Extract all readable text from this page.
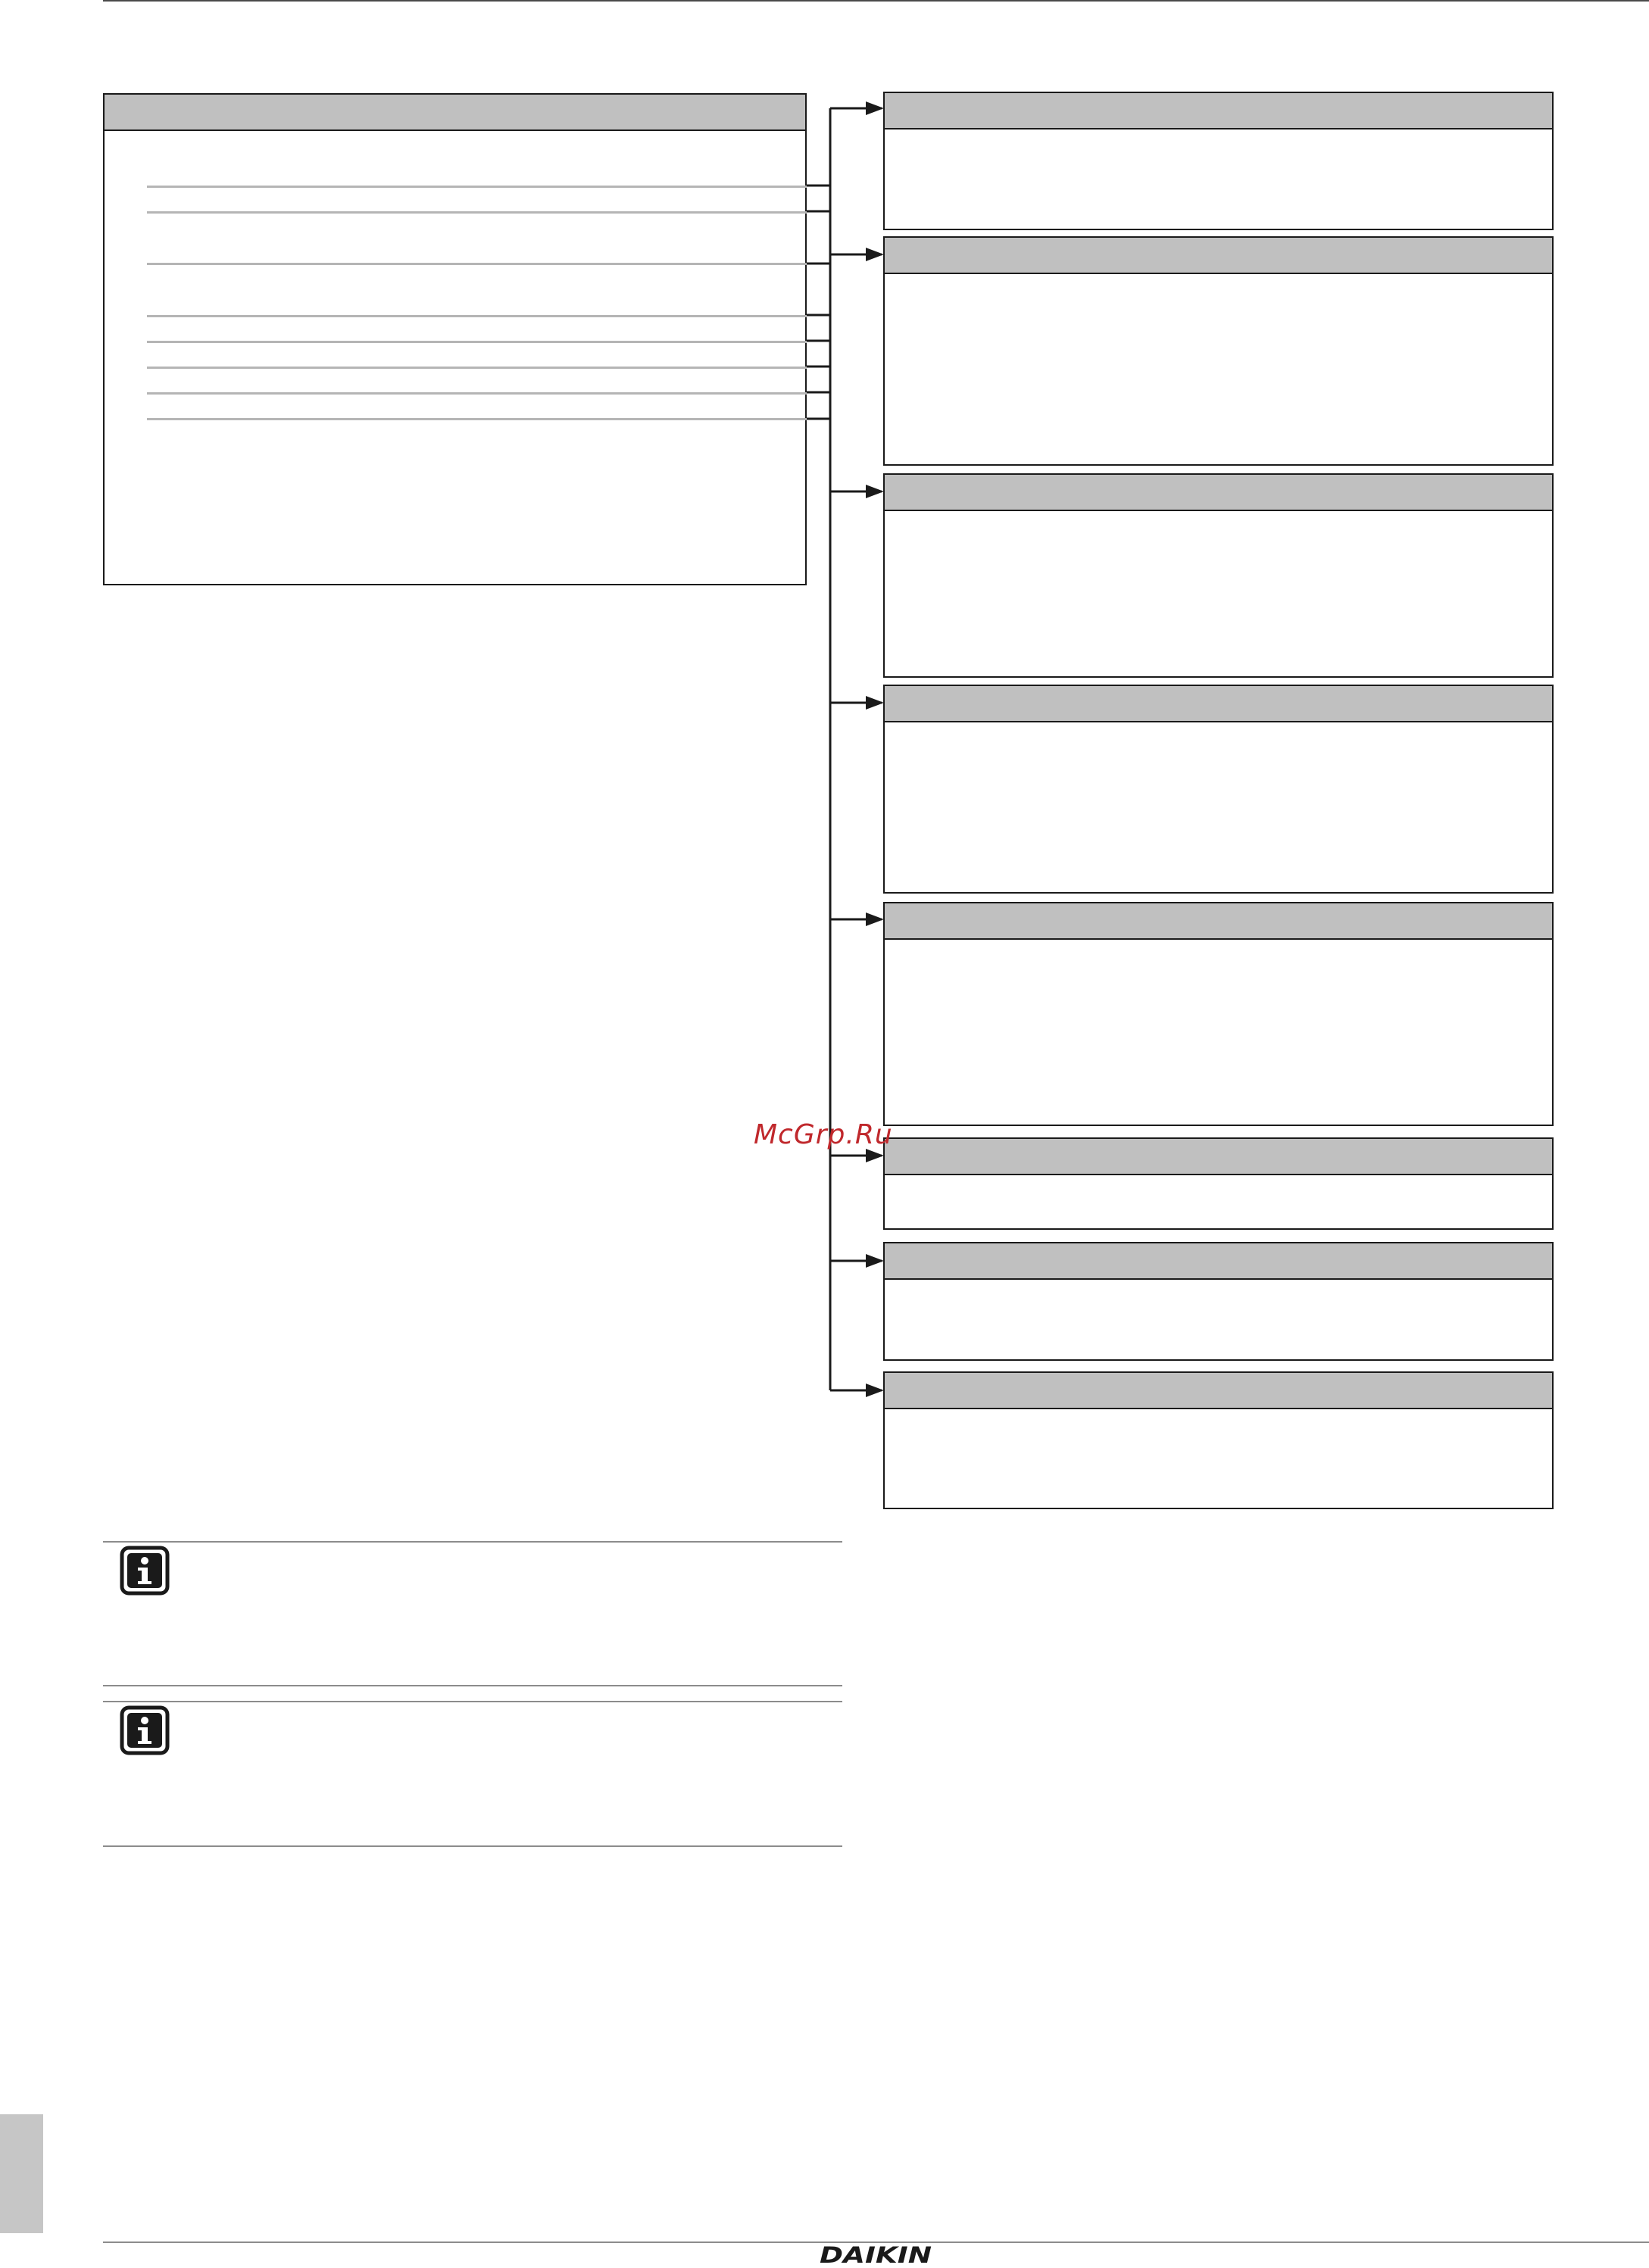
McGrp.Ru
DAIKIN
